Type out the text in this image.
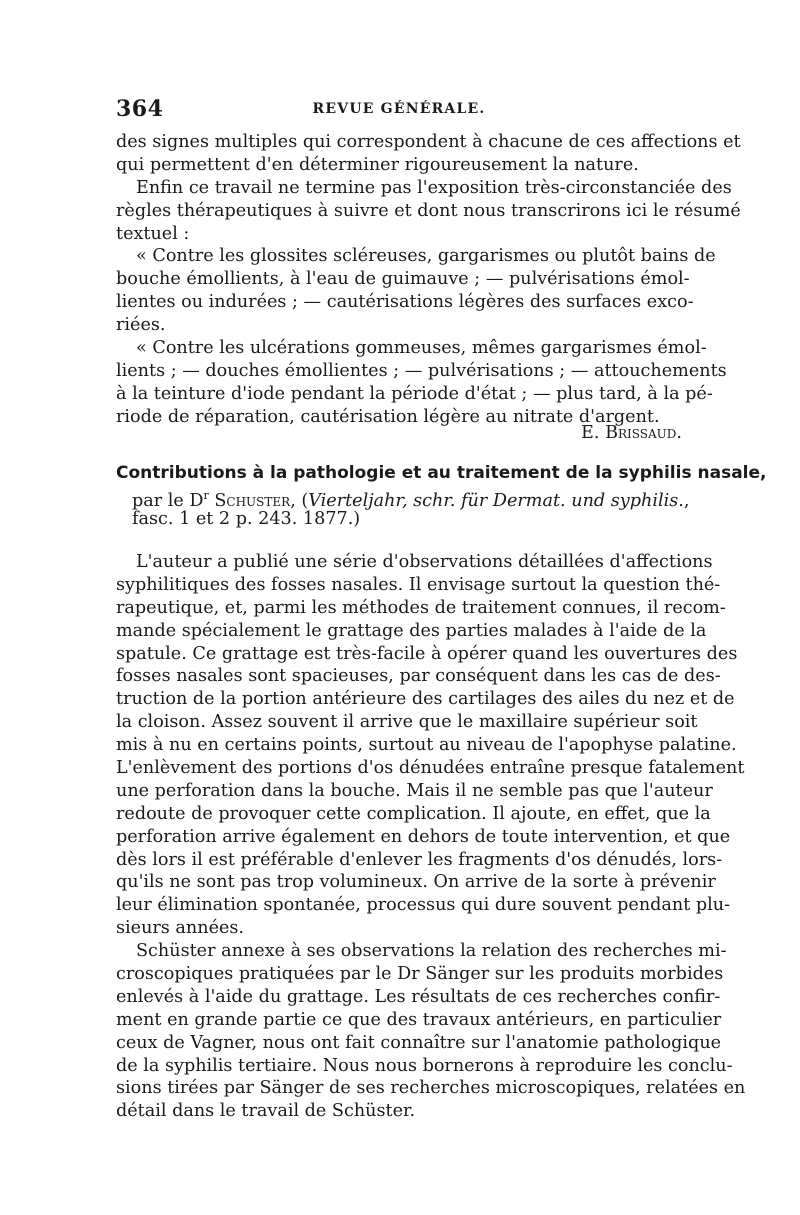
364	REVUE GÉNÉRALE.
des signes multiples qui correspondent à chacune de ces affections et
qui permettent d'en déterminer rigoureusement la nature.
Enfin ce travail ne termine pas l'exposition très-circonstanciée des
règles thérapeutiques à suivre et dont nous transcrirons ici le résumé
textuel :
« Contre les glossites scléreuses, gargarismes ou plutôt bains de
bouche émollients, à l'eau de guimauve ; — pulvérisations émol-
lientes ou indurées ; — cautérisations légères des surfaces exco-
riées.
« Contre les ulcérations gommeuses, mêmes gargarismes émol-
lients ; — douches émollientes ; — pulvérisations ; — attouchements
à la teinture d'iode pendant la période d'état ; — plus tard, à la pé-
riode de réparation, cautérisation légère au nitrate d'argent.
E. Brissaud.
Contributions à la pathologie et au traitement de la syphilis nasale,
par le $D^r$ Schuster, (Vierteljahr, schr. für Dermat. und syphilis.,
fasc. 1 et 2 p. 243. 1877.)
L'auteur a publié une série d'observations détaillées d'affections
syphilitiques des fosses nasales. Il envisage surtout la question thé-
rapeutique, et, parmi les méthodes de traitement connues, il recom-
mande spécialement le grattage des parties malades à l'aide de la
spatule. Ce grattage est très-facile à opérer quand les ouvertures des
fosses nasales sont spacieuses, par conséquent dans les cas de des-
truction de la portion antérieure des cartilages des ailes du nez et de
la cloison. Assez souvent il arrive que le maxillaire supérieur soit
mis à nu en certains points, surtout au niveau de l'apophyse palatine.
L'enlèvement des portions d'os dénudées entraîne presque fatalement
une perforation dans la bouche. Mais il ne semble pas que l'auteur
redoute de provoquer cette complication. Il ajoute, en effet, que la
perforation arrive également en dehors de toute intervention, et que
dès lors il est préférable d'enlever les fragments d'os dénudés, lors-
qu'ils ne sont pas trop volumineux. On arrive de la sorte à prévenir
leur élimination spontanée, processus qui dure souvent pendant plu-
sieurs années.
Schüster annexe à ses observations la relation des recherches mi-
croscopiques pratiquées par le Dr Sänger sur les produits morbides
enlevés à l'aide du grattage. Les résultats de ces recherches confir-
ment en grande partie ce que des travaux antérieurs, en particulier
ceux de Vagner, nous ont fait connaître sur l'anatomie pathologique
de la syphilis tertiaire. Nous nous bornerons à reproduire les conclu-
sions tirées par Sänger de ses recherches microscopiques, relatées en
détail dans le travail de Schüster.
